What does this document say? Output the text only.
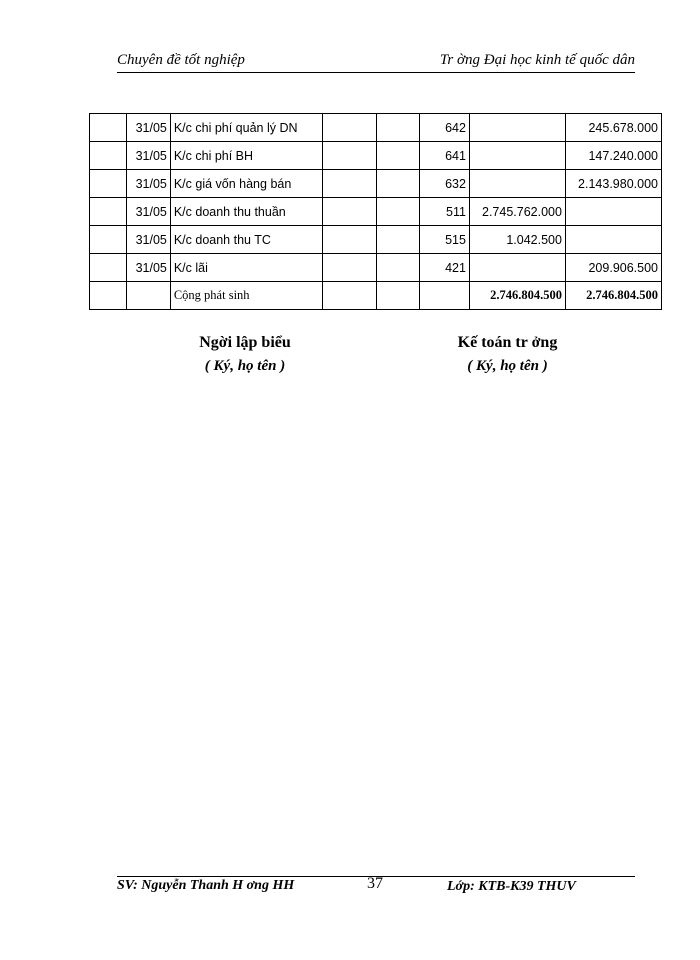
Chuyên đề tốt nghiệp	Tr ờng Đại học kinh tế quốc dân
	31/05	K/c chi phí quản lý DN			642		245.678.000
	31/05	K/c chi phí BH			641		147.240.000
	31/05	K/c giá vốn hàng bán			632		2.143.980.000
	31/05	K/c doanh thu thuần			511	2.745.762.000	
	31/05	K/c doanh thu TC			515	1.042.500	
	31/05	K/c lãi			421		209.906.500
		Cộng phát sinh				2.746.804.500	2.746.804.500
Ngời lập biểu
( Ký, họ tên )
Kế toán tr ởng
( Ký, họ tên )
SV: Nguyễn Thanh H ơng HH	37	Lớp: KTB-K39 THUV
